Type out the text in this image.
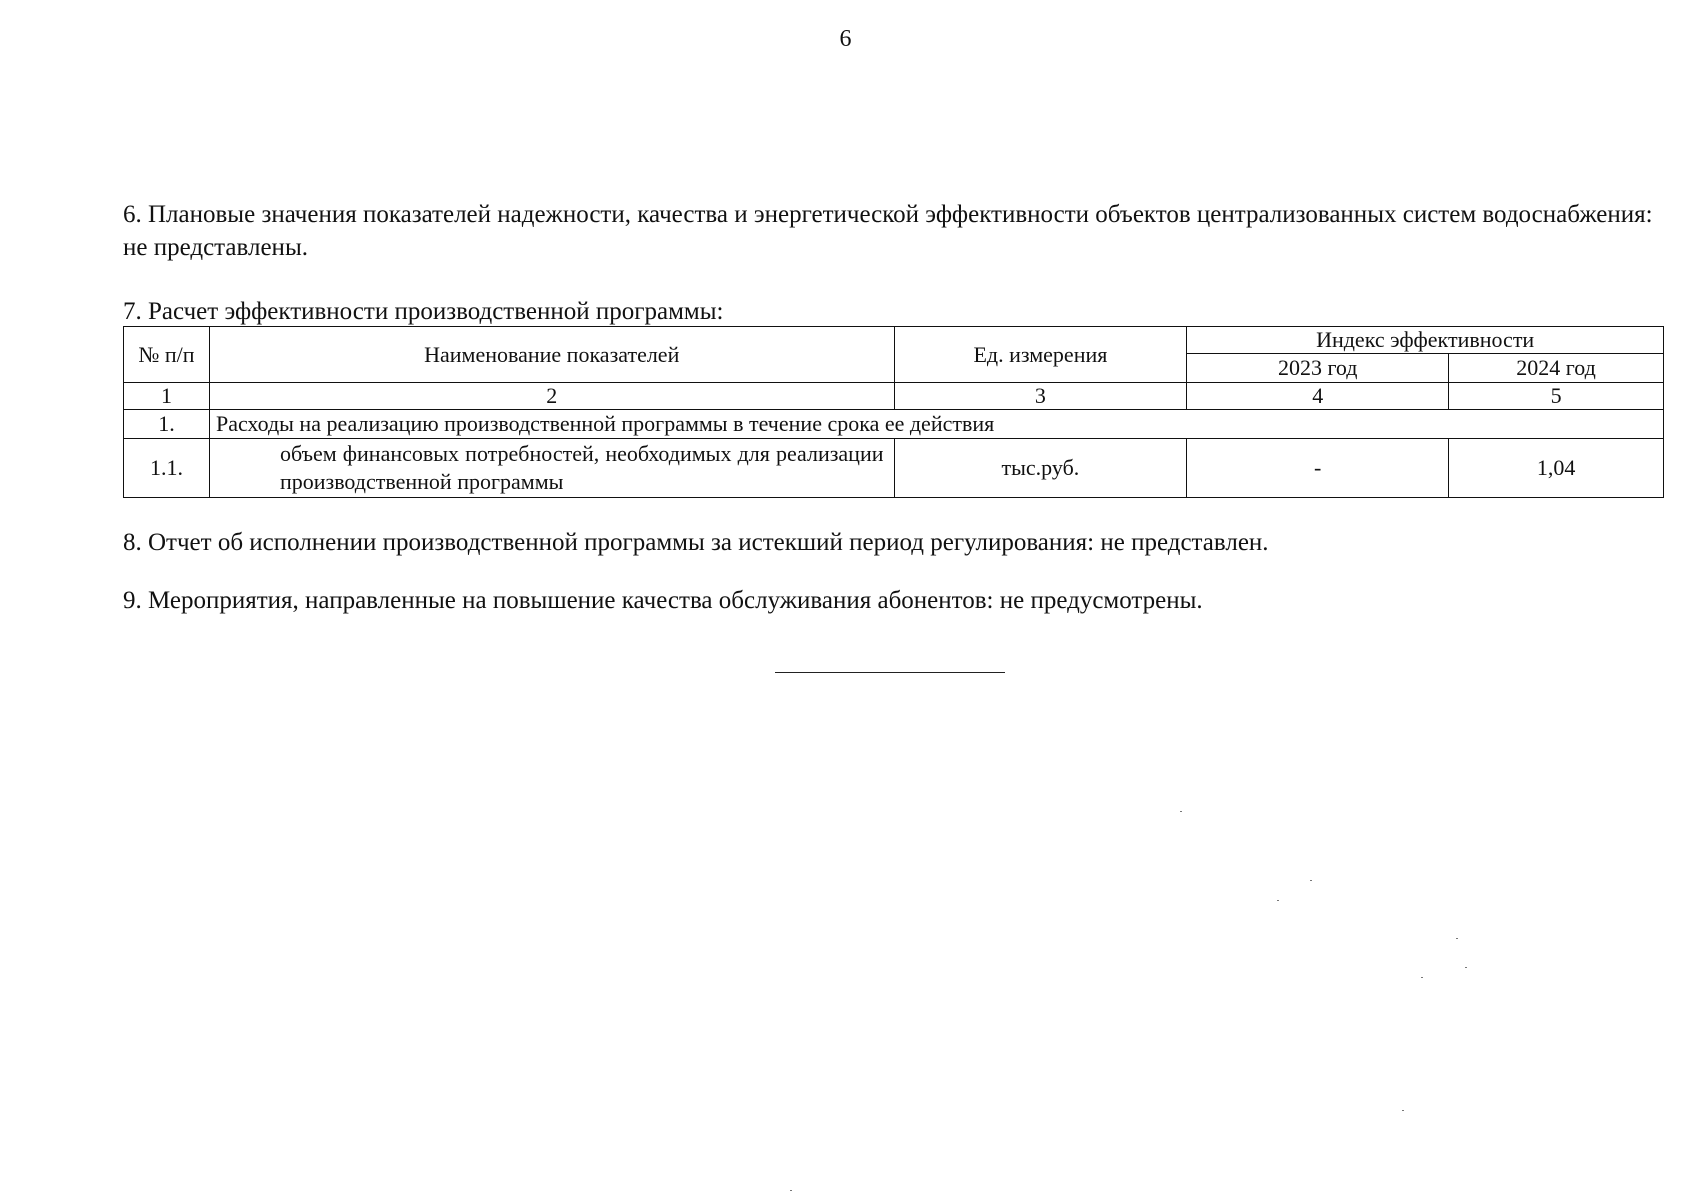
6
6. Плановые значения показателей надежности, качества и энергетической эффективности объектов централизованных систем водоснабжения: не представлены.
7. Расчет эффективности производственной программы:
№ п/п	Наименование показателей	Ед. измерения	Индекс эффективности	
			2023 год	2024 год
1	2	3	4	5
1.	Расходы на реализацию производственной программы в течение срока ее действия			
1.1.	объем финансовых потребностей, необходимых для реализации производственной программы	тыс.руб.	-	1,04
8. Отчет об исполнении производственной программы за истекший период регулирования: не представлен.
9. Мероприятия, направленные на повышение качества обслуживания абонентов: не предусмотрены.
